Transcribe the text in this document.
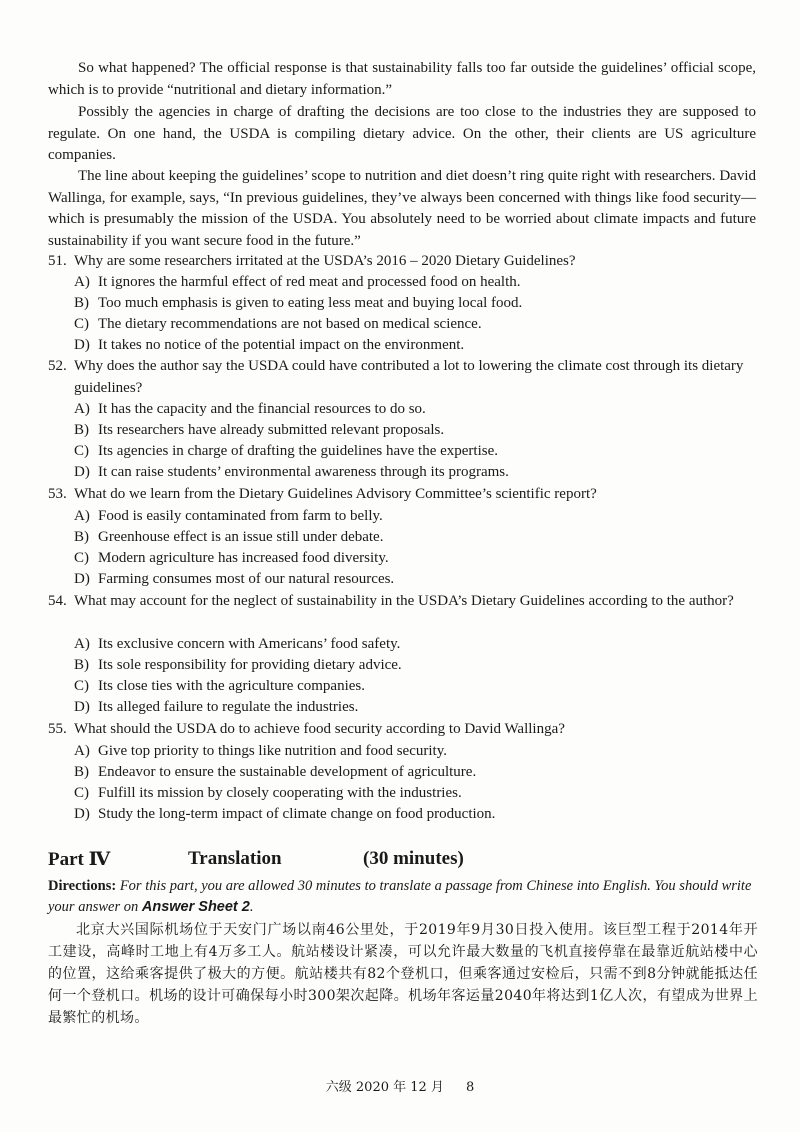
So what happened? The official response is that sustainability falls too far outside the guidelines’ official scope, which is to provide “nutritional and dietary information.”

Possibly the agencies in charge of drafting the decisions are too close to the industries they are supposed to regulate. On one hand, the USDA is compiling dietary advice. On the other, their clients are US agriculture companies.

The line about keeping the guidelines’ scope to nutrition and diet doesn’t ring quite right with researchers. David Wallinga, for example, says, “In previous guidelines, they’ve always been concerned with things like food security—which is presumably the mission of the USDA. You absolutely need to be worried about climate impacts and future sustainability if you want secure food in the future.”

51. Why are some researchers irritated at the USDA’s 2016 – 2020 Dietary Guidelines?
A) It ignores the harmful effect of red meat and processed food on health.
B) Too much emphasis is given to eating less meat and buying local food.
C) The dietary recommendations are not based on medical science.
D) It takes no notice of the potential impact on the environment.
52. Why does the author say the USDA could have contributed a lot to lowering the climate cost through its dietary guidelines?
A) It has the capacity and the financial resources to do so.
B) Its researchers have already submitted relevant proposals.
C) Its agencies in charge of drafting the guidelines have the expertise.
D) It can raise students’ environmental awareness through its programs.
53. What do we learn from the Dietary Guidelines Advisory Committee’s scientific report?
A) Food is easily contaminated from farm to belly.
B) Greenhouse effect is an issue still under debate.
C) Modern agriculture has increased food diversity.
D) Farming consumes most of our natural resources.
54. What may account for the neglect of sustainability in the USDA’s Dietary Guidelines according to the author?
A) Its exclusive concern with Americans’ food safety.
B) Its sole responsibility for providing dietary advice.
C) Its close ties with the agriculture companies.
D) Its alleged failure to regulate the industries.
55. What should the USDA do to achieve food security according to David Wallinga?
A) Give top priority to things like nutrition and food security.
B) Endeavor to ensure the sustainable development of agriculture.
C) Fulfill its mission by closely cooperating with the industries.
D) Study the long-term impact of climate change on food production.
Part Ⅳ	Translation	(30 minutes)

Directions: For this part, you are allowed 30 minutes to translate a passage from Chinese into English. You should write your answer on Answer Sheet 2.

北京大兴国际机场位于天安门广场以南46公里处，于2019年9月30日投入使用。该巨型工程于2014年开工建设，高峰时工地上有4万多工人。航站楼设计紧凑，可以允许最大数量的飞机直接停靠在最靠近航站楼中心的位置，这给乘客提供了极大的方便。航站楼共有82个登机口，但乘客通过安检后，只需不到8分钟就能抵达任何一个登机口。机场的设计可确保每小时300架次起降。机场年客运量2040年将达到1亿人次，有望成为世界上最繁忙的机场。

六级 2020 年 12 月 8
